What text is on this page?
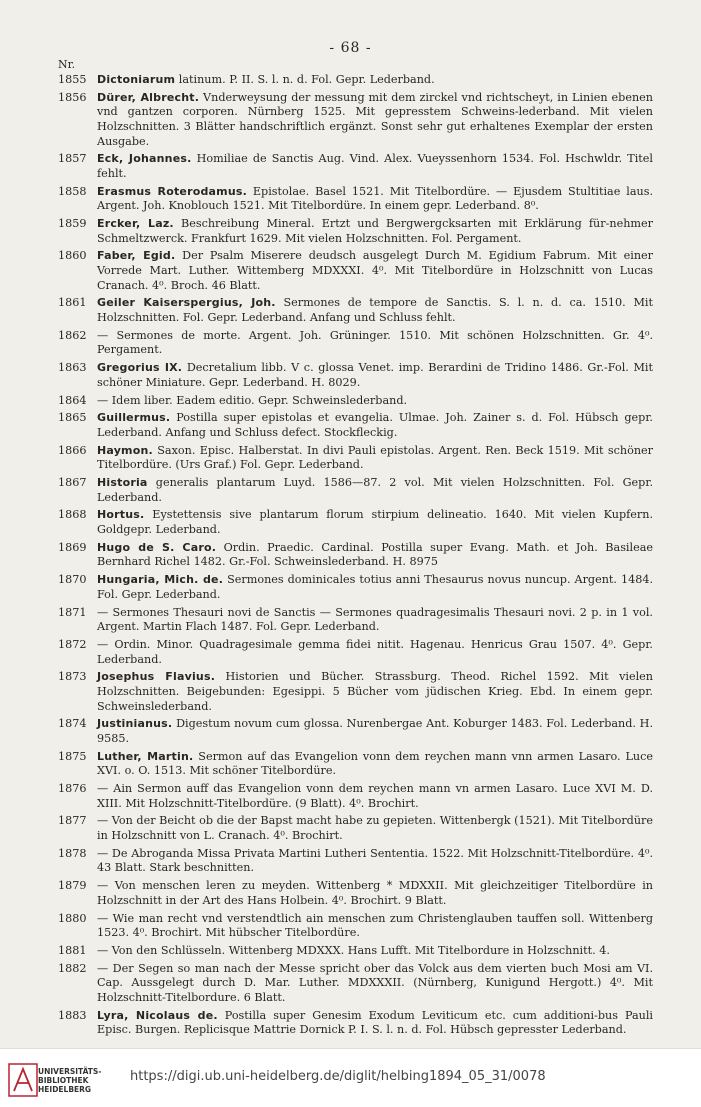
- 68 -
Nr.
1855 Dictoniarum latinum. P. II. S. l. n. d. Fol. Gepr. Lederband.
1856 Dürer, Albrecht. Vnderweysung der messung mit dem zirckel vnd richtscheyt, in Linien ebenen vnd gantzen corporen. Nürnberg 1525. Mit gepresstem Schweins-lederband. Mit vielen Holzschnitten. 3 Blätter handschriftlich ergänzt. Sonst sehr gut erhaltenes Exemplar der ersten Ausgabe.
1857 Eck, Johannes. Homiliae de Sanctis Aug. Vind. Alex. Vueyssenhorn 1534. Fol. Hschwldr. Titel fehlt.
1858 Erasmus Roterodamus. Epistolae. Basel 1521. Mit Titelbordüre. — Ejusdem Stultitiae laus. Argent. Joh. Knoblouch 1521. Mit Titelbordüre. In einem gepr. Lederband. 8⁰.
1859 Ercker, Laz. Beschreibung Mineral. Ertzt und Bergwergcksarten mit Erklärung für-nehmer Schmeltzwerck. Frankfurt 1629. Mit vielen Holzschnitten. Fol. Pergament.
1860 Faber, Egid. Der Psalm Miserere deudsch ausgelegt Durch M. Egidium Fabrum. Mit einer Vorrede Mart. Luther. Wittemberg MDXXXI. 4⁰. Mit Titelbordüre in Holzschnitt von Lucas Cranach. 4⁰. Broch. 46 Blatt.
1861 Geiler Kaiserspergius, Joh. Sermones de tempore de Sanctis. S. l. n. d. ca. 1510. Mit Holzschnitten. Fol. Gepr. Lederband. Anfang und Schluss fehlt.
1862 — Sermones de morte. Argent. Joh. Grüninger. 1510. Mit schönen Holzschnitten. Gr. 4⁰. Pergament.
1863 Gregorius IX. Decretalium libb. V c. glossa Venet. imp. Berardini de Tridino 1486. Gr.-Fol. Mit schöner Miniature. Gepr. Lederband. H. 8029.
1864 — Idem liber. Eadem editio. Gepr. Schweinslederband.
1865 Guillermus. Postilla super epistolas et evangelia. Ulmae. Joh. Zainer s. d. Fol. Hübsch gepr. Lederband. Anfang und Schluss defect. Stockfleckig.
1866 Haymon. Saxon. Episc. Halberstat. In divi Pauli epistolas. Argent. Ren. Beck 1519. Mit schöner Titelbordüre. (Urs Graf.) Fol. Gepr. Lederband.
1867 Historia generalis plantarum Luyd. 1586—87. 2 vol. Mit vielen Holzschnitten. Fol. Gepr. Lederband.
1868 Hortus. Eystettensis sive plantarum florum stirpium delineatio. 1640. Mit vielen Kupfern. Goldgepr. Lederband.
1869 Hugo de S. Caro. Ordin. Praedic. Cardinal. Postilla super Evang. Math. et Joh. Basileae Bernhard Richel 1482. Gr.-Fol. Schweinslederband. H. 8975
1870 Hungaria, Mich. de. Sermones dominicales totius anni Thesaurus novus nuncup. Argent. 1484. Fol. Gepr. Lederband.
1871 — Sermones Thesauri novi de Sanctis — Sermones quadragesimalis Thesauri novi. 2 p. in 1 vol. Argent. Martin Flach 1487. Fol. Gepr. Lederband.
1872 — Ordin. Minor. Quadragesimale gemma fidei nitit. Hagenau. Henricus Grau 1507. 4⁰. Gepr. Lederband.
1873 Josephus Flavius. Historien und Bücher. Strassburg. Theod. Richel 1592. Mit vielen Holzschnitten. Beigebunden: Egesippi. 5 Bücher vom jüdischen Krieg. Ebd. In einem gepr. Schweinslederband.
1874 Justinianus. Digestum novum cum glossa. Nurenbergae Ant. Koburger 1483. Fol. Lederband. H. 9585.
1875 Luther, Martin. Sermon auf das Evangelion vonn dem reychen mann vnn armen Lasaro. Luce XVI. o. O. 1513. Mit schöner Titelbordüre.
1876 — Ain Sermon auff das Evangelion vonn dem reychen mann vn armen Lasaro. Luce XVI M. D. XIII. Mit Holzschnitt-Titelbordüre. (9 Blatt). 4⁰. Brochirt.
1877 — Von der Beicht ob die der Bapst macht habe zu gepieten. Wittenbergk (1521). Mit Titelbordüre in Holzschnitt von L. Cranach. 4⁰. Brochirt.
1878 — De Abroganda Missa Privata Martini Lutheri Sententia. 1522. Mit Holzschnitt-Titelbordüre. 4⁰. 43 Blatt. Stark beschnitten.
1879 — Von menschen leren zu meyden. Wittenberg * MDXXII. Mit gleichzeitiger Titelbordüre in Holzschnitt in der Art des Hans Holbein. 4⁰. Brochirt. 9 Blatt.
1880 — Wie man recht vnd verstendtlich ain menschen zum Christenglauben tauffen soll. Wittenberg 1523. 4⁰. Brochirt. Mit hübscher Titelbordüre.
1881 — Von den Schlüsseln. Wittenberg MDXXX. Hans Lufft. Mit Titelbordure in Holzschnitt. 4.
1882 — Der Segen so man nach der Messe spricht ober das Volck aus dem vierten buch Mosi am VI. Cap. Aussgelegt durch D. Mar. Luther. MDXXXII. (Nürnberg, Kunigund Hergott.) 4⁰. Mit Holzschnitt-Titelbordure. 6 Blatt.
1883 Lyra, Nicolaus de. Postilla super Genesim Exodum Leviticum etc. cum additioni-bus Pauli Episc. Burgen. Replicisque Mattrie Dornick P. I. S. l. n. d. Fol. Hübsch gepresster Lederband.
UNIVERSITÄTS-
BIBLIOTHEK
HEIDELBERG
https://digi.ub.uni-heidelberg.de/diglit/helbing1894_05_31/0078
